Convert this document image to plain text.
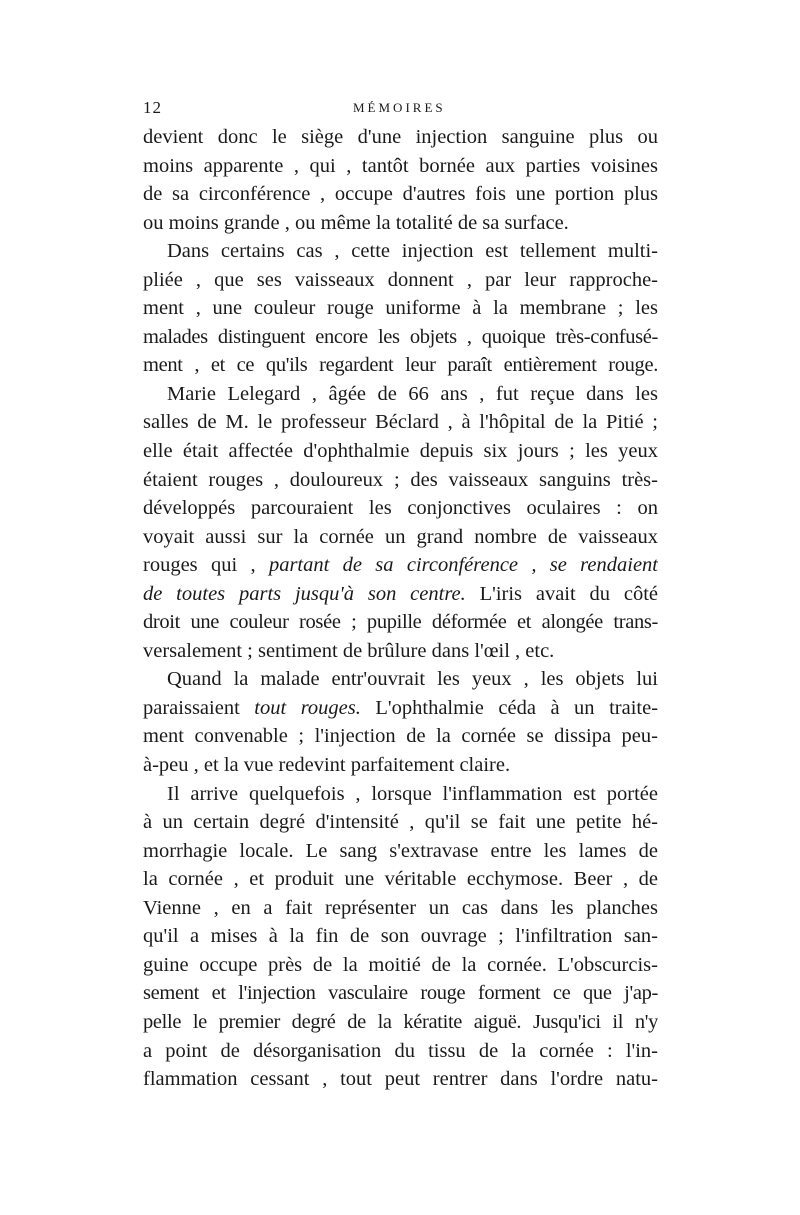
12	MÉMOIRES
devient donc le siège d'une injection sanguine plus ou
moins apparente , qui , tantôt bornée aux parties voisines
de sa circonférence , occupe d'autres fois une portion plus
ou moins grande , ou même la totalité de sa surface.
Dans certains cas , cette injection est tellement multi-
pliée , que ses vaisseaux donnent , par leur rapproche-
ment , une couleur rouge uniforme à la membrane ; les
malades distinguent encore les objets , quoique très-confusé-
ment , et ce qu'ils regardent leur paraît entièrement rouge.
Marie Lelegard , âgée de 66 ans , fut reçue dans les
salles de M. le professeur Béclard , à l'hôpital de la Pitié ;
elle était affectée d'ophthalmie depuis six jours ; les yeux
étaient rouges , douloureux ; des vaisseaux sanguins très-
développés parcouraient les conjonctives oculaires : on
voyait aussi sur la cornée un grand nombre de vaisseaux
rouges qui , partant de sa circonférence , se rendaient
de toutes parts jusqu'à son centre. L'iris avait du côté
droit une couleur rosée ; pupille déformée et alongée trans-
versalement ; sentiment de brûlure dans l'œil , etc.
Quand la malade entr'ouvrait les yeux , les objets lui
paraissaient tout rouges. L'ophthalmie céda à un traite-
ment convenable ; l'injection de la cornée se dissipa peu-
à-peu , et la vue redevint parfaitement claire.
Il arrive quelquefois , lorsque l'inflammation est portée
à un certain degré d'intensité , qu'il se fait une petite hé-
morrhagie locale. Le sang s'extravase entre les lames de
la cornée , et produit une véritable ecchymose. Beer , de
Vienne , en a fait représenter un cas dans les planches
qu'il a mises à la fin de son ouvrage ; l'infiltration san-
guine occupe près de la moitié de la cornée. L'obscurcis-
sement et l'injection vasculaire rouge forment ce que j'ap-
pelle le premier degré de la kératite aiguë. Jusqu'ici il n'y
a point de désorganisation du tissu de la cornée : l'in-
flammation cessant , tout peut rentrer dans l'ordre natu-
